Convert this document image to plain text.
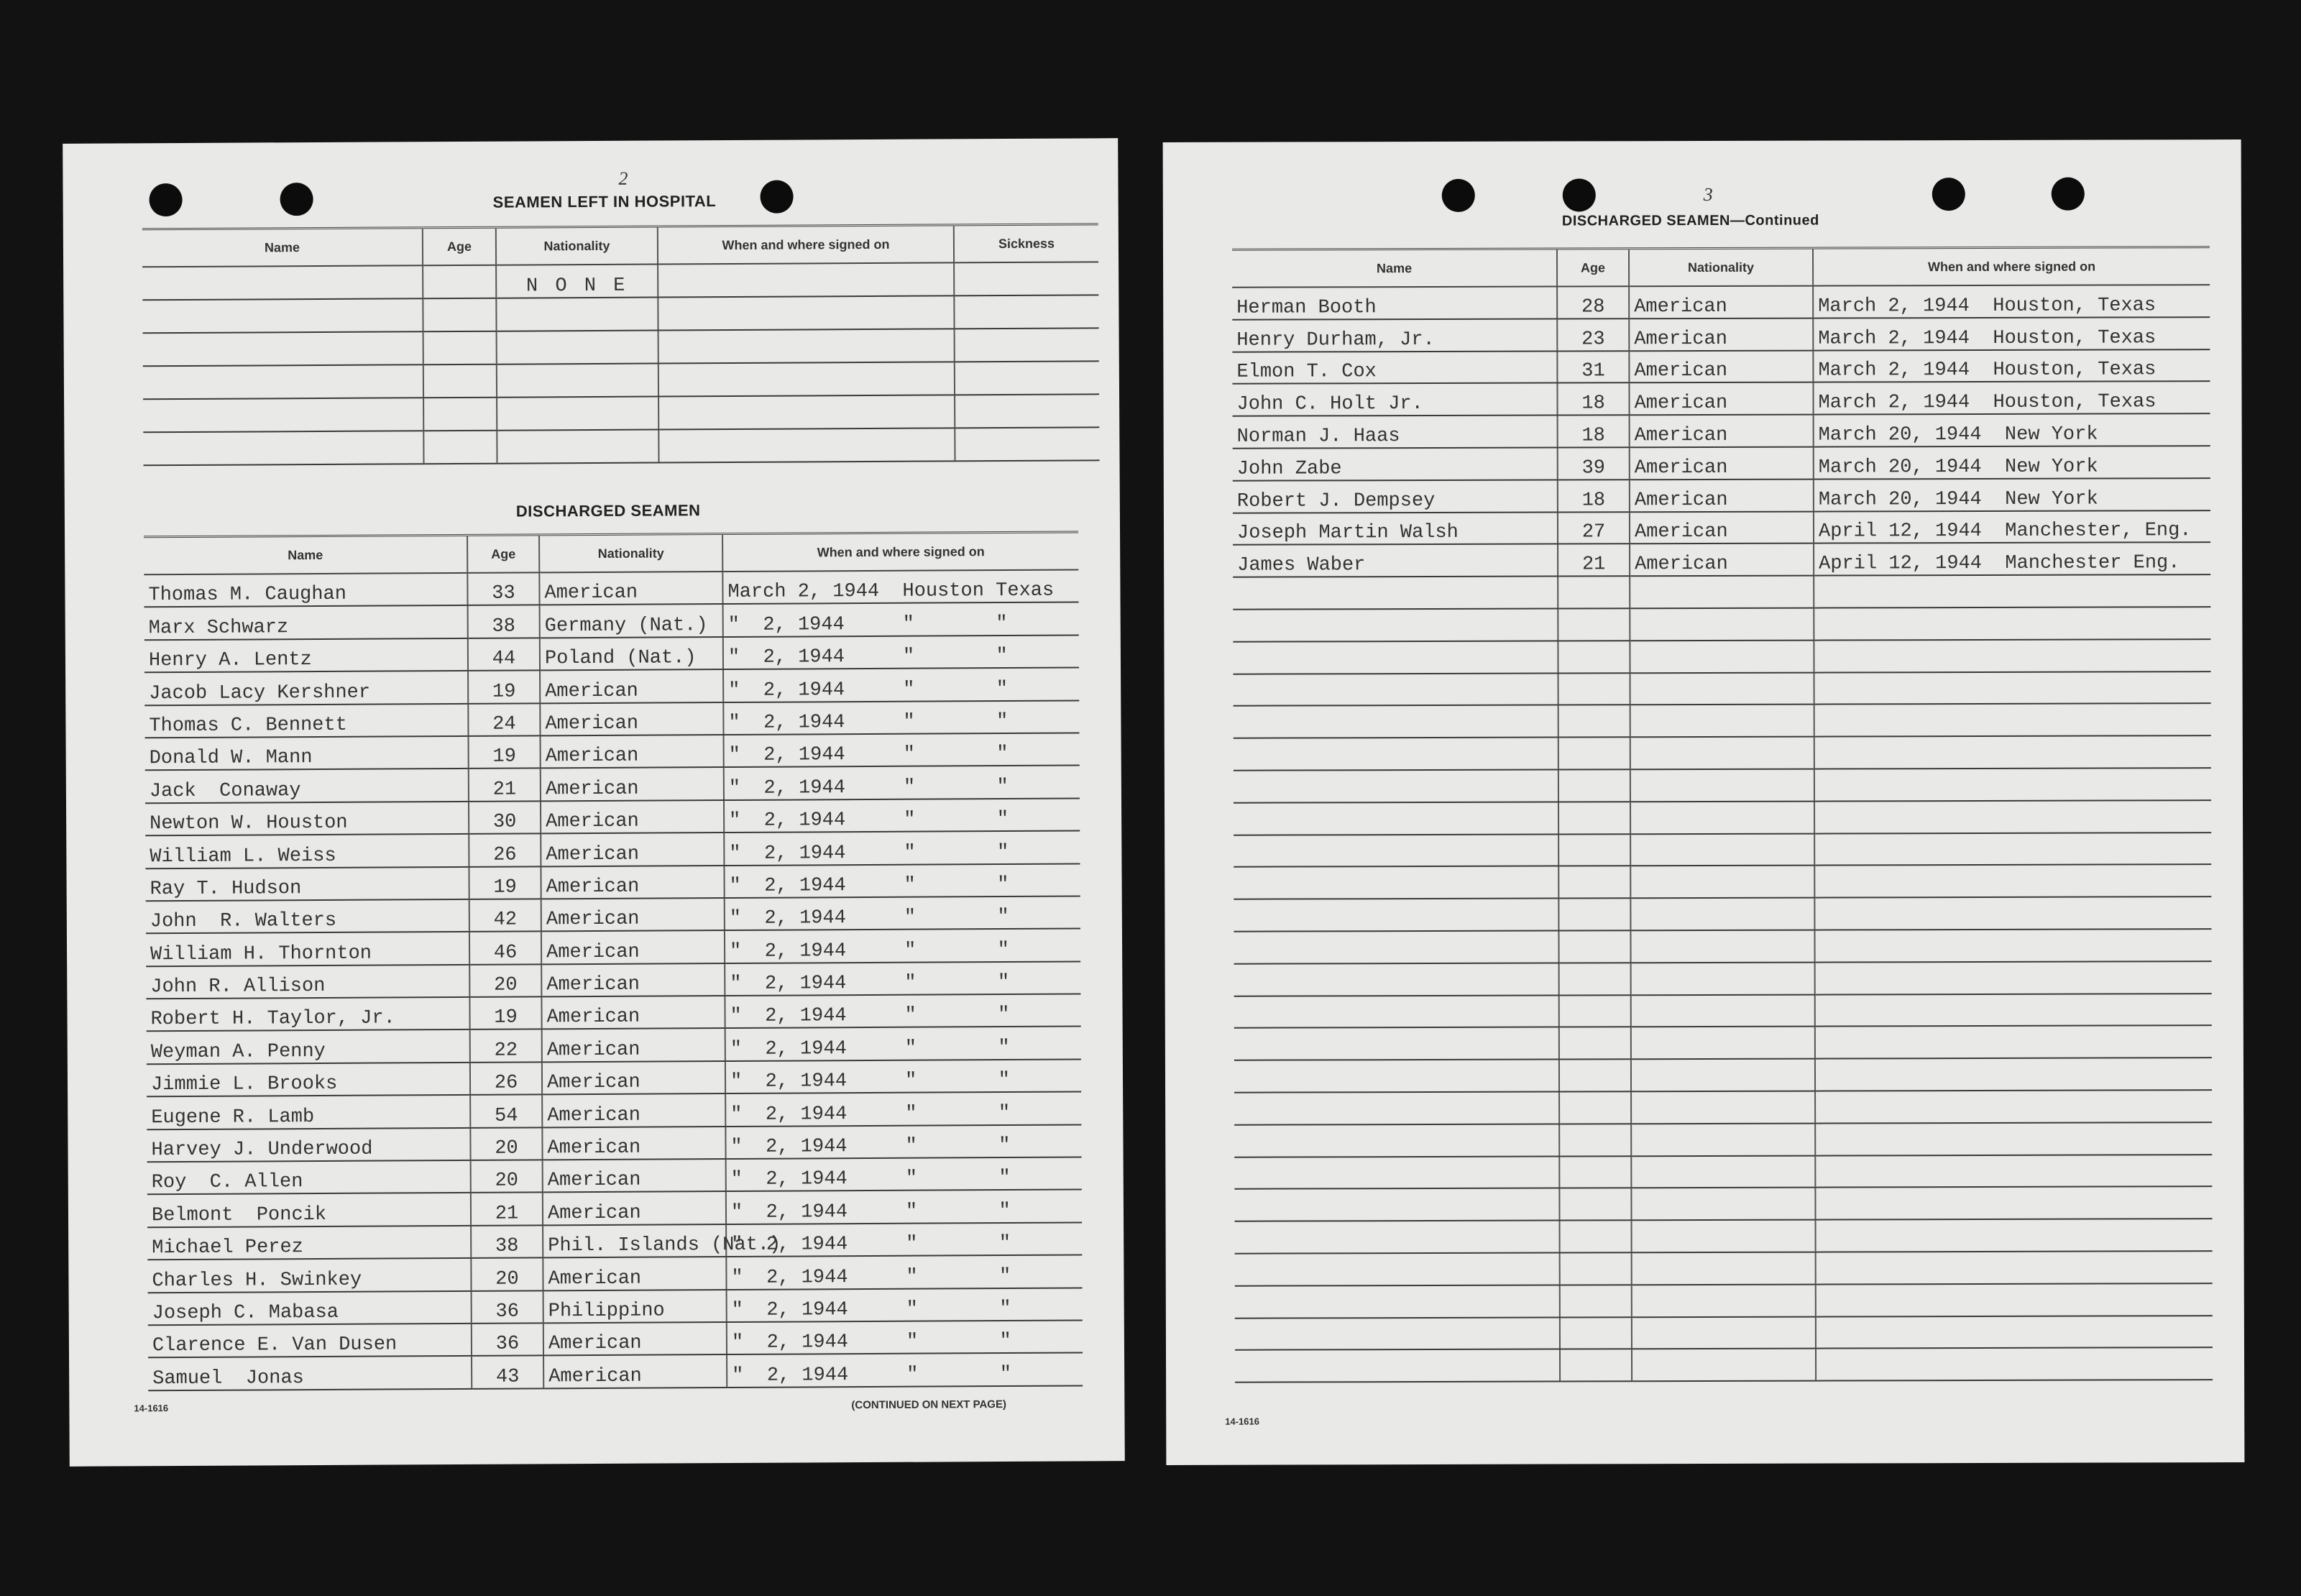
2
SEAMEN LEFT IN HOSPITAL
Name	Age	Nationality	When and where signed on	Sickness
		N O N E		

DISCHARGED SEAMEN
Name	Age	Nationality	When and where signed on
Thomas M. Caughan	33	American	March 2, 1944  Houston Texas
Marx Schwarz	38	Germany (Nat.)	"  2, 1944     "       "
Henry A. Lentz	44	Poland (Nat.)	"  2, 1944     "       "
Jacob Lacy Kershner	19	American	"  2, 1944     "       "
Thomas C. Bennett	24	American	"  2, 1944     "       "
Donald W. Mann	19	American	"  2, 1944     "       "
Jack  Conaway	21	American	"  2, 1944     "       "
Newton W. Houston	30	American	"  2, 1944     "       "
William L. Weiss	26	American	"  2, 1944     "       "
Ray T. Hudson	19	American	"  2, 1944     "       "
John  R. Walters	42	American	"  2, 1944     "       "
William H. Thornton	46	American	"  2, 1944     "       "
John R. Allison	20	American	"  2, 1944     "       "
Robert H. Taylor, Jr.	19	American	"  2, 1944     "       "
Weyman A. Penny	22	American	"  2, 1944     "       "
Jimmie L. Brooks	26	American	"  2, 1944     "       "
Eugene R. Lamb	54	American	"  2, 1944     "       "
Harvey J. Underwood	20	American	"  2, 1944     "       "
Roy  C. Allen	20	American	"  2, 1944     "       "
Belmont  Poncik	21	American	"  2, 1944     "       "
Michael Perez	38	Phil. Islands (Nat.)	"  2, 1944     "       "
Charles H. Swinkey	20	American	"  2, 1944     "       "
Joseph C. Mabasa	36	Philippino	"  2, 1944     "       "
Clarence E. Van Dusen	36	American	"  2, 1944     "       "
Samuel  Jonas	43	American	"  2, 1944     "       "
14-1616	(CONTINUED ON NEXT PAGE)
3
DISCHARGED SEAMEN—Continued
Name	Age	Nationality	When and where signed on
Herman Booth	28	American	March 2, 1944  Houston, Texas
Henry Durham, Jr.	23	American	March 2, 1944  Houston, Texas
Elmon T. Cox	31	American	March 2, 1944  Houston, Texas
John C. Holt Jr.	18	American	March 2, 1944  Houston, Texas
Norman J. Haas	18	American	March 20, 1944  New York
John Zabe	39	American	March 20, 1944  New York
Robert J. Dempsey	18	American	March 20, 1944  New York
Joseph Martin Walsh	27	American	April 12, 1944  Manchester, Eng.
James Waber	21	American	April 12, 1944  Manchester Eng.

14-1616
